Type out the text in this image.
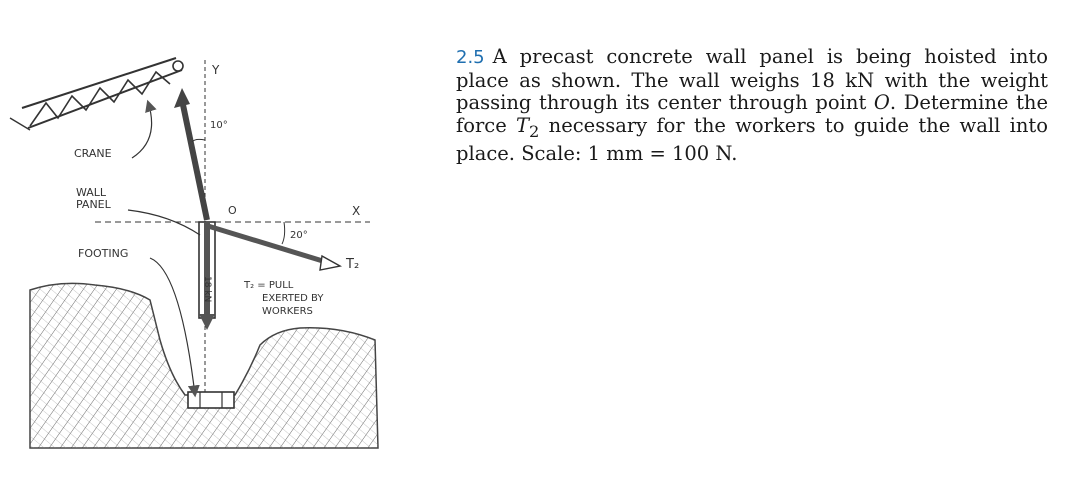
18 kN
CRANE
WALL
PANEL
FOOTING
Y
X
O
10°
20°
T₂
T₂ = PULL
EXERTED BY
WORKERS
2.5 A precast concrete wall panel is being hoisted into place as shown. The wall weighs 18 kN with the weight passing through its center through point O. Determine the force $T_2$ necessary for the workers to guide the wall into place. Scale: 1 mm = 100 N.
